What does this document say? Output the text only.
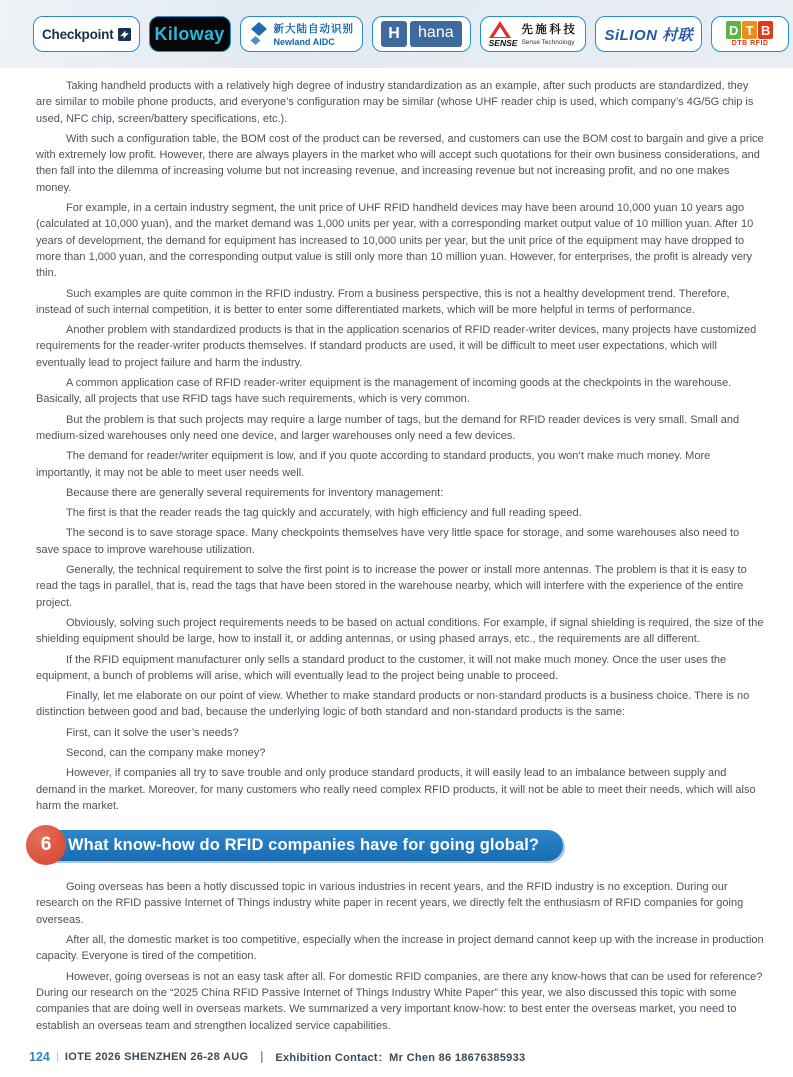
Checkpoint Kiloway	新大陆自动识别
Newland AIDC	H	hana	先施科技
SENSE Sense Technology SiLION 村联	D T B
DTB RFID

Taking handheld products with a relatively high degree of industry standardization as an example, after such products are standardized, they are similar to mobile phone products, and everyone’s configuration may be similar (whose UHF reader chip is used, which company’s 4G/5G chip is used, NFC chip, screen/battery specifications, etc.).

With such a configuration table, the BOM cost of the product can be reversed, and customers can use the BOM cost to bargain and give a price with extremely low profit. However, there are always players in the market who will accept such quotations for their own business considerations, and then fall into the dilemma of increasing volume but not increasing revenue, and increasing revenue but not increasing profit, and no one makes money.

For example, in a certain industry segment, the unit price of UHF RFID handheld devices may have been around 10,000 yuan 10 years ago (calculated at 10,000 yuan), and the market demand was 1,000 units per year, with a corresponding market output value of 10 million yuan. After 10 years of development, the demand for equipment has increased to 10,000 units per year, but the unit price of the equipment may have dropped to more than 1,000 yuan, and the corresponding output value is still only more than 10 million yuan. However, for enterprises, the profit is already very thin.

Such examples are quite common in the RFID industry. From a business perspective, this is not a healthy development trend. Therefore, instead of such internal competition, it is better to enter some differentiated markets, which will be more helpful in terms of performance.

Another problem with standardized products is that in the application scenarios of RFID reader-writer devices, many projects have customized requirements for the reader-writer products themselves. If standard products are used, it will be difficult to meet user expectations, which will eventually lead to project failure and harm the industry.

A common application case of RFID reader-writer equipment is the management of incoming goods at the checkpoints in the warehouse. Basically, all projects that use RFID tags have such requirements, which is very common.

But the problem is that such projects may require a large number of tags, but the demand for RFID reader devices is very small. Small and medium-sized warehouses only need one device, and larger warehouses only need a few devices.

The demand for reader/writer equipment is low, and if you quote according to standard products, you won’t make much money. More importantly, it may not be able to meet user needs well.

Because there are generally several requirements for inventory management:

The first is that the reader reads the tag quickly and accurately, with high efficiency and full reading speed.

The second is to save storage space. Many checkpoints themselves have very little space for storage, and some warehouses also need to save space to improve warehouse utilization.

Generally, the technical requirement to solve the first point is to increase the power or install more antennas. The problem is that it is easy to read the tags in parallel, that is, read the tags that have been stored in the warehouse nearby, which will interfere with the experience of the entire project.

Obviously, solving such project requirements needs to be based on actual conditions. For example, if signal shielding is required, the size of the shielding equipment should be large, how to install it, or adding antennas, or using phased arrays, etc., the requirements are all different.

If the RFID equipment manufacturer only sells a standard product to the customer, it will not make much money. Once the user uses the equipment, a bunch of problems will arise, which will eventually lead to the project being unable to proceed.

Finally, let me elaborate on our point of view. Whether to make standard products or non-standard products is a business choice. There is no distinction between good and bad, because the underlying logic of both standard and non-standard products is the same:

First, can it solve the user’s needs?

Second, can the company make money?

However, if companies all try to save trouble and only produce standard products, it will easily lead to an imbalance between supply and demand in the market. Moreover, for many customers who really need complex RFID products, it will not be able to meet their needs, which will also harm the market.

6 What know-how do RFID companies have for going global?

Going overseas has been a hotly discussed topic in various industries in recent years, and the RFID industry is no exception. During our research on the RFID passive Internet of Things industry white paper in recent years, we directly felt the enthusiasm of RFID companies for going overseas.

After all, the domestic market is too competitive, especially when the increase in project demand cannot keep up with the increase in production capacity. Everyone is tired of the competition.

However, going overseas is not an easy task after all. For domestic RFID companies, are there any know-hows that can be used for reference? During our research on the “2025 China RFID Passive Internet of Things Industry White Paper” this year, we also discussed this topic with some companies that are doing well in overseas markets. We summarized a very important know-how: to best enter the overseas market, you need to establish an overseas team and strengthen localized service capabilities.

124 IOTE 2026 SHENZHEN 26-28 AUG ｜ Exhibition Contact：Mr Chen 86 18676385933
